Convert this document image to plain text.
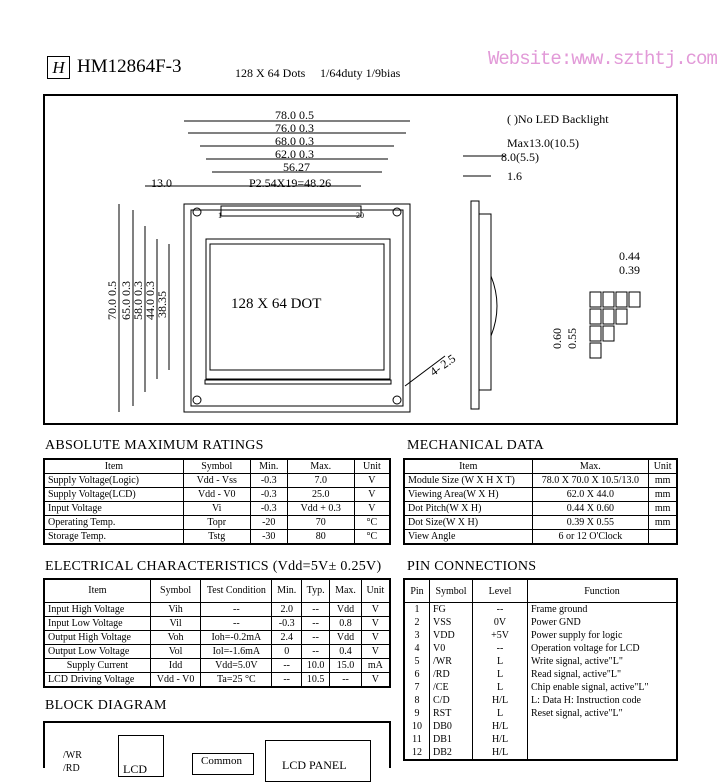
H HM12864F-3	128 X 64 Dots 1/64duty 1/9bias
Website:www.szthtj.com
78.0 0.5
76.0 0.3
68.0 0.3
62.0 0.3
56.27
P2.54X19=48.26
13.0
70.0 0.5 65.0 0.3
58.0 0.3
44.0 0.3
38.35
1	20
128 X 64 DOT
4- 2.5
( )No LED Backlight
Max13.0(10.5)
8.0(5.5)
1.6
0.44
0.39
0.60 0.55
ABSOLUTE MAXIMUM RATINGS
Item	Symbol	Min.	Max.	Unit
Supply Voltage(Logic)	Vdd - Vss	-0.3	7.0	V
Supply Voltage(LCD)	Vdd - V0	-0.3	25.0	V
Input Voltage	Vi	-0.3	Vdd + 0.3	V
Operating Temp.	Topr	-20	70	°C
Storage Temp.	Tstg	-30	80	°C
MECHANICAL DATA
Item	Max.	Unit
Module Size (W X H X T)	78.0 X 70.0 X 10.5/13.0	mm
Viewing Area(W X H)	62.0 X 44.0	mm
Dot Pitch(W X H)	0.44 X 0.60	mm
Dot Size(W X H)	0.39 X 0.55	mm
View Angle	6 or 12 O'Clock	
ELECTRICAL CHARACTERISTICS (Vdd=5V± 0.25V)
Item	Symbol	Test Condition	Min.	Typ.	Max.	Unit
Input High Voltage	Vih	--	2.0	--	Vdd	V
Input Low Voltage	Vil	--	-0.3	--	0.8	V
Output High Voltage	Voh	Ioh=-0.2mA	2.4	--	Vdd	V
Output Low Voltage	Vol	Iol=-1.6mA	0	--	0.4	V
Supply Current	Idd	Vdd=5.0V	--	10.0	15.0	mA
LCD Driving Voltage	Vdd - V0	Ta=25 °C	--	10.5	--	V
PIN CONNECTIONS
Pin	Symbol	Level	Function
1	FG	--	Frame ground
2	VSS	0V	Power GND
3	VDD	+5V	Power supply for logic
4	V0	--	Operation voltage for LCD
5	/WR	L	Write signal, active"L"
6	/RD	L	Read signal, active"L"
7	/CE	L	Chip enable signal, active"L"
8	C/D	H/L	L: Data H: Instruction code
9	RST	L	Reset signal, active"L"
10	DB0	H/L	
11	DB1	H/L	
12	DB2	H/L	
BLOCK DIAGRAM
/WR
/RD	LCD
Common	LCD PANEL
